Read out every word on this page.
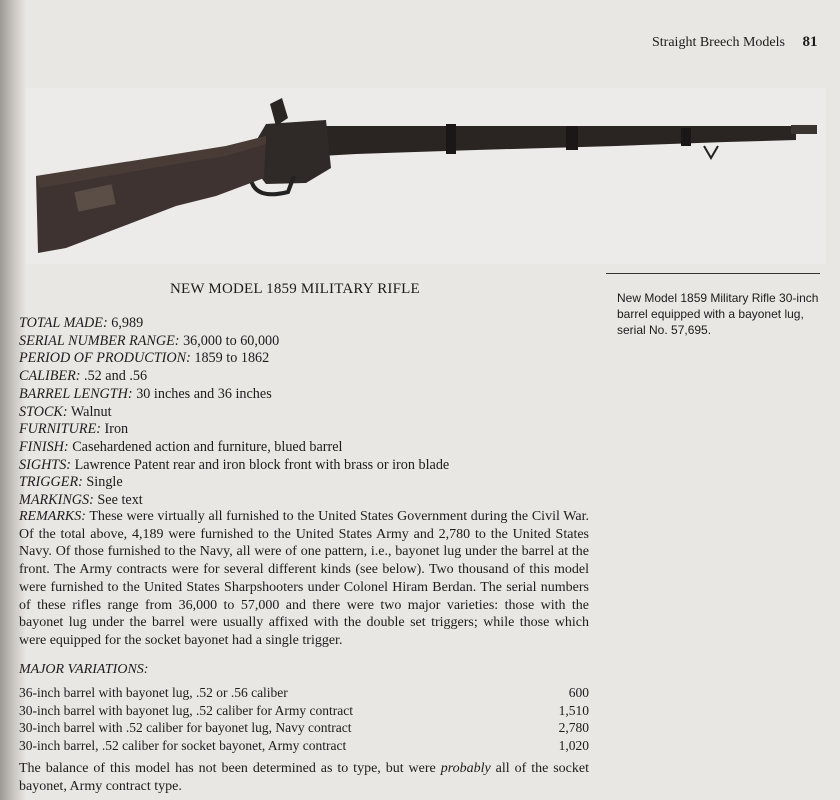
Straight Breech Models 81
New Model 1859 Military Rifle 30-inch barrel equipped with a bayonet lug, serial No. 57,695.
NEW MODEL 1859 MILITARY RIFLE
TOTAL MADE: 6,989
SERIAL NUMBER RANGE: 36,000 to 60,000
PERIOD OF PRODUCTION: 1859 to 1862
CALIBER: .52 and .56
BARREL LENGTH: 30 inches and 36 inches
STOCK: Walnut
FURNITURE: Iron
FINISH: Casehardened action and furniture, blued barrel
SIGHTS: Lawrence Patent rear and iron block front with brass or iron blade
TRIGGER: Single
MARKINGS: See text
REMARKS: These were virtually all furnished to the United States Government during the Civil War. Of the total above, 4,189 were furnished to the United States Army and 2,780 to the United States Navy. Of those furnished to the Navy, all were of one pattern, i.e., bayonet lug under the barrel at the front. The Army contracts were for several different kinds (see below). Two thousand of this model were furnished to the United States Sharpshooters under Colonel Hiram Berdan. The serial numbers of these rifles range from 36,000 to 57,000 and there were two major varieties: those with the bayonet lug under the barrel were usually affixed with the double set triggers; while those which were equipped for the socket bayonet had a single trigger.
MAJOR VARIATIONS:
36-inch barrel with bayonet lug, .52 or .56 caliber	600
30-inch barrel with bayonet lug, .52 caliber for Army contract	1,510
30-inch barrel with .52 caliber for bayonet lug, Navy contract	2,780
30-inch barrel, .52 caliber for socket bayonet, Army contract	1,020
The balance of this model has not been determined as to type, but were probably all of the socket bayonet, Army contract type.
